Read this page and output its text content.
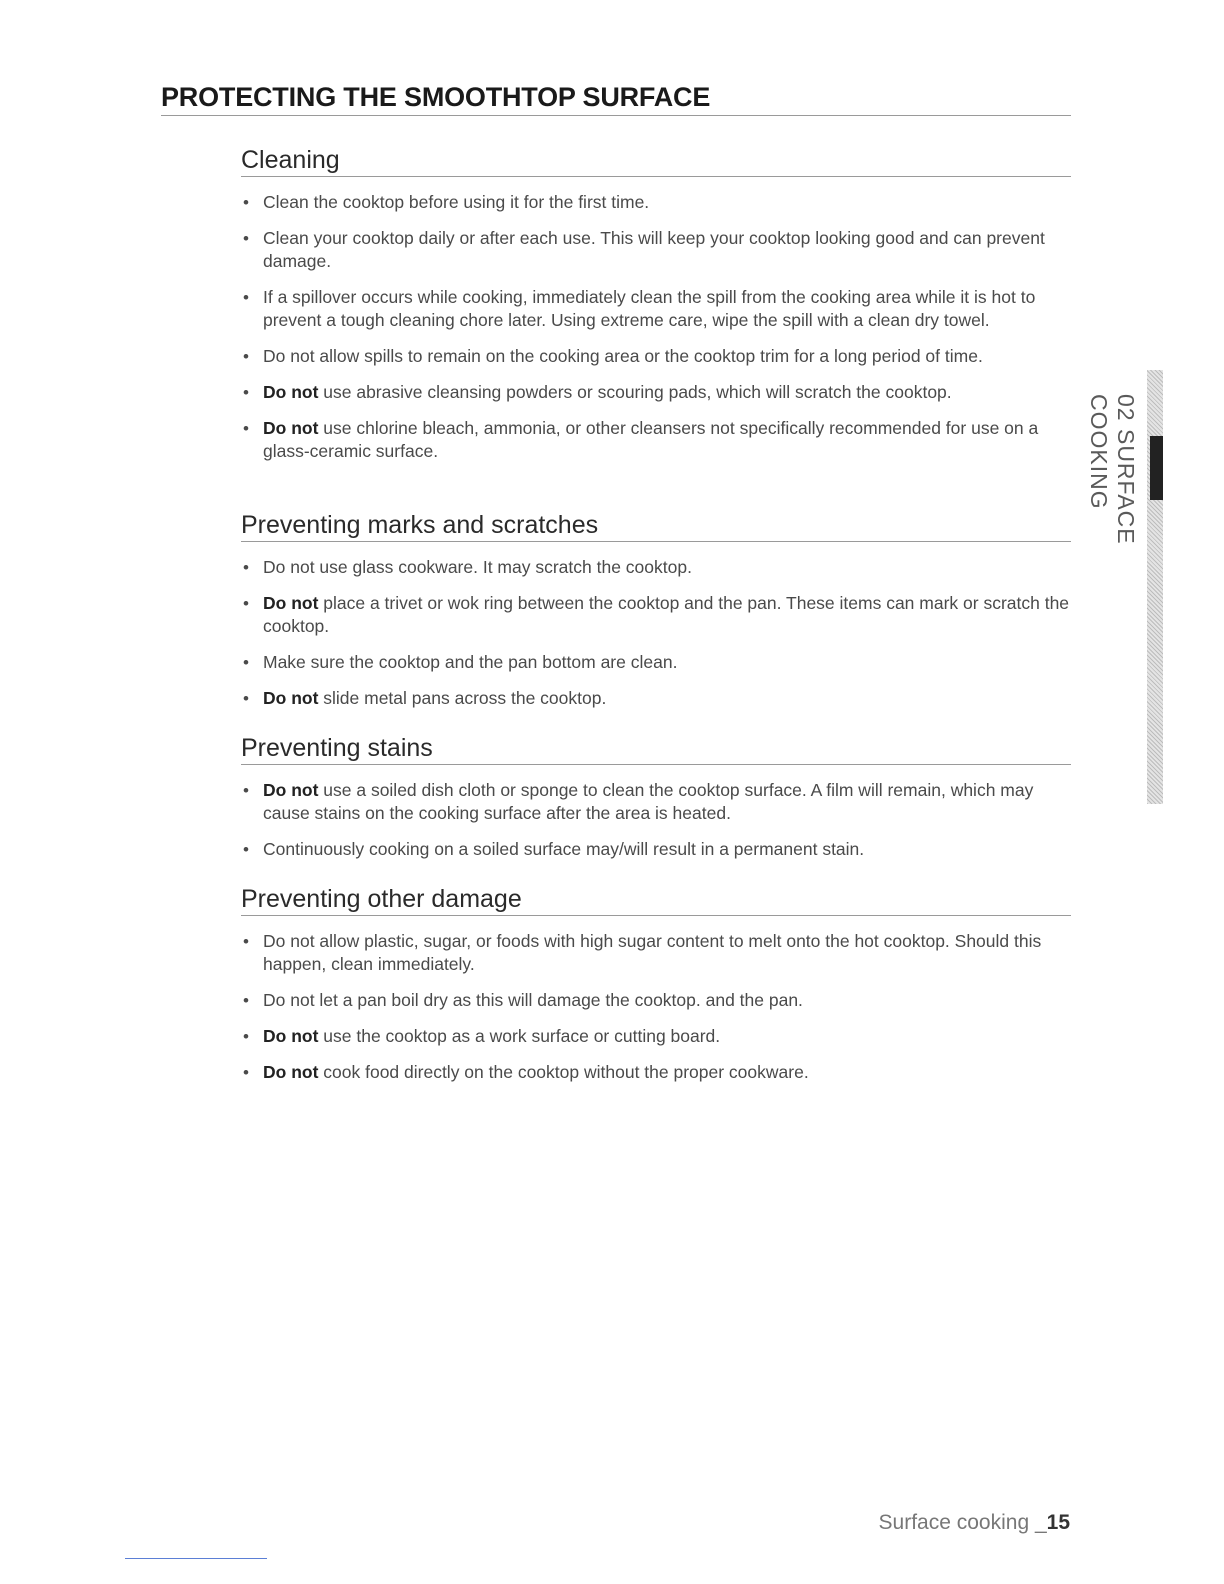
PROTECTING THE SMOOTHTOP SURFACE
Cleaning
• Clean the cooktop before using it for the first time.
• Clean your cooktop daily or after each use. This will keep your cooktop looking good and can prevent damage.
• If a spillover occurs while cooking, immediately clean the spill from the cooking area while it is hot to prevent a tough cleaning chore later. Using extreme care, wipe the spill with a clean dry towel.
• Do not allow spills to remain on the cooking area or the cooktop trim for a long period of time.
• Do not use abrasive cleansing powders or scouring pads, which will scratch the cooktop.
• Do not use chlorine bleach, ammonia, or other cleansers not specifically recommended for use on a glass-ceramic surface.
Preventing marks and scratches
• Do not use glass cookware. It may scratch the cooktop.
• Do not place a trivet or wok ring between the cooktop and the pan. These items can mark or scratch the cooktop.
• Make sure the cooktop and the pan bottom are clean.
• Do not slide metal pans across the cooktop.
Preventing stains
• Do not use a soiled dish cloth or sponge to clean the cooktop surface. A film will remain, which may cause stains on the cooking surface after the area is heated.
• Continuously cooking on a soiled surface may/will result in a permanent stain.
Preventing other damage
• Do not allow plastic, sugar, or foods with high sugar content to melt onto the hot cooktop. Should this happen, clean immediately.
• Do not let a pan boil dry as this will damage the cooktop. and the pan.
• Do not use the cooktop as a work surface or cutting board.
• Do not cook food directly on the cooktop without the proper cookware.
02 SURFACE COOKING
Surface cooking _15
